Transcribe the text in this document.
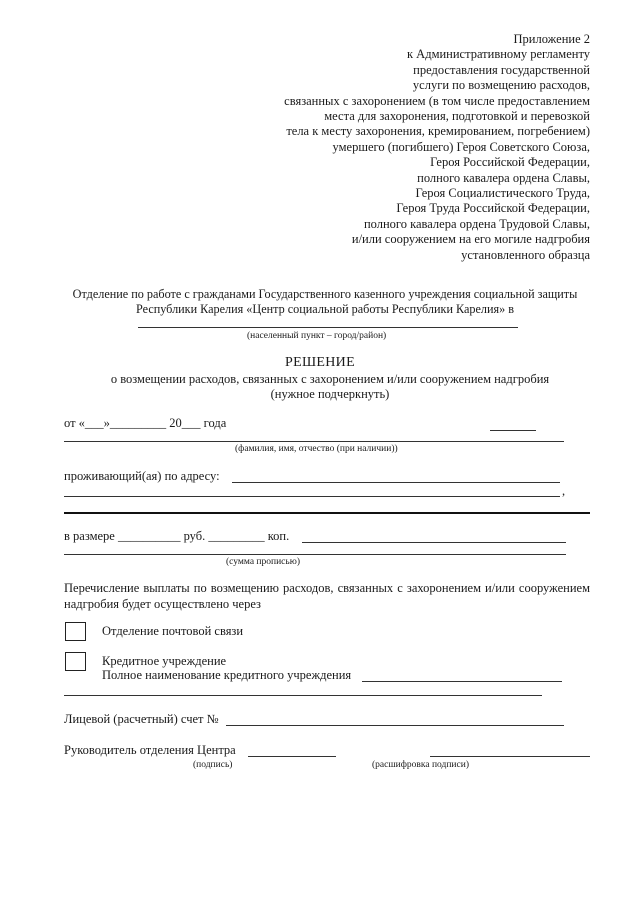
Приложение 2
к Административному регламенту
предоставления государственной
услуги по возмещению расходов,
связанных с захоронением (в том числе предоставлением
места для захоронения, подготовкой и перевозкой
тела к месту захоронения, кремированием, погребением)
умершего (погибшего) Героя Советского Союза,
Героя Российской Федерации,
полного кавалера ордена Славы,
Героя Социалистического Труда,
Героя Труда Российской Федерации,
полного кавалера ордена Трудовой Славы,
и/или сооружением на его могиле надгробия
установленного образца
Отделение по работе с гражданами Государственного казенного учреждения социальной защиты
Республики Карелия «Центр социальной работы Республики Карелия» в
(населенный пункт – город/район)
РЕШЕНИЕ
о возмещении расходов, связанных с захоронением и/или сооружением надгробия
(нужное подчеркнуть)
от «___»_________ 20___ года
(фамилия, имя, отчество (при наличии))
проживающий(ая) по адресу:
,
в размере __________ руб. _________ коп.
(сумма прописью)
Перечисление выплаты по возмещению расходов, связанных с захоронением и/или сооружением надгробия будет осуществлено через
Отделение почтовой связи
Кредитное учреждение
Полное наименование кредитного учреждения
Лицевой (расчетный) счет №
Руководитель отделения Центра
(подпись)	(расшифровка подписи)
